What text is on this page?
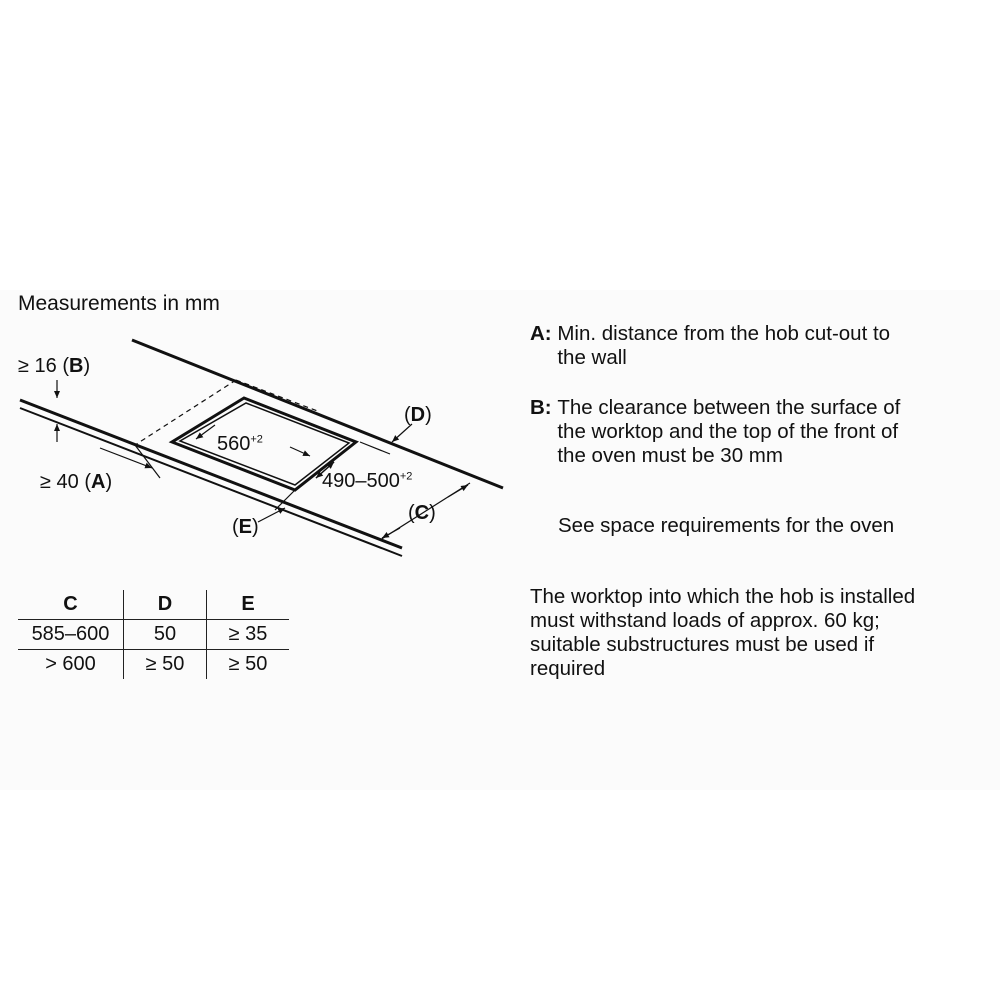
Measurements in mm
≥ 16 (B)
≥ 40 (A)
(D)
(C)
(E)
$560^{+2}$
$490-500^{+2}$
C	D	E
585–600	50	≥ 35
> 600	≥ 50	≥ 50
A: Min. distance from the hob cut-out to
the wall
B: The clearance between the surface of
the worktop and the top of the front of
the oven must be 30 mm
See space requirements for the oven
The worktop into which the hob is installed
must withstand loads of approx. 60 kg;
suitable substructures must be used if
required
